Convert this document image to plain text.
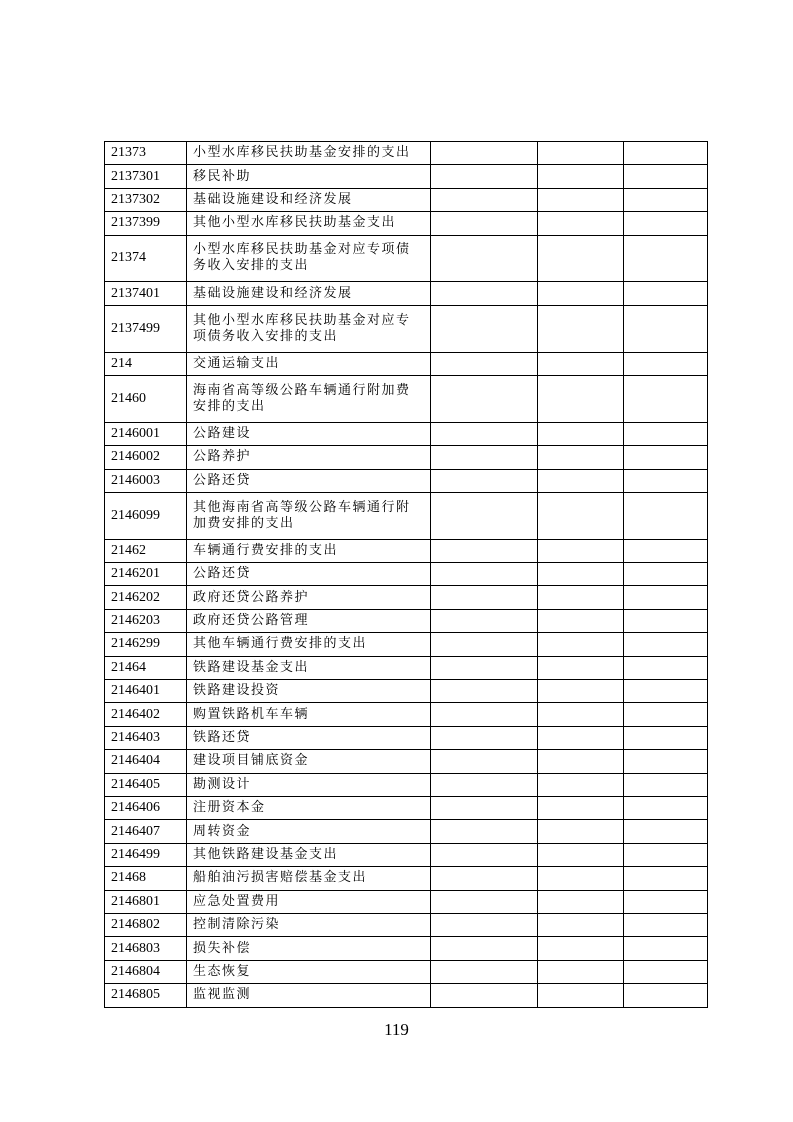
21373	小型水库移民扶助基金安排的支出			
2137301	移民补助			
2137302	基础设施建设和经济发展			
2137399	其他小型水库移民扶助基金支出			
21374	小型水库移民扶助基金对应专项债务收入安排的支出			
2137401	基础设施建设和经济发展			
2137499	其他小型水库移民扶助基金对应专项债务收入安排的支出			
214	交通运输支出			
21460	海南省高等级公路车辆通行附加费安排的支出			
2146001	公路建设			
2146002	公路养护			
2146003	公路还贷			
2146099	其他海南省高等级公路车辆通行附加费安排的支出			
21462	车辆通行费安排的支出			
2146201	公路还贷			
2146202	政府还贷公路养护			
2146203	政府还贷公路管理			
2146299	其他车辆通行费安排的支出			
21464	铁路建设基金支出			
2146401	铁路建设投资			
2146402	购置铁路机车车辆			
2146403	铁路还贷			
2146404	建设项目铺底资金			
2146405	勘测设计			
2146406	注册资本金			
2146407	周转资金			
2146499	其他铁路建设基金支出			
21468	船舶油污损害赔偿基金支出			
2146801	应急处置费用			
2146802	控制清除污染			
2146803	损失补偿			
2146804	生态恢复			
2146805	监视监测			
119
